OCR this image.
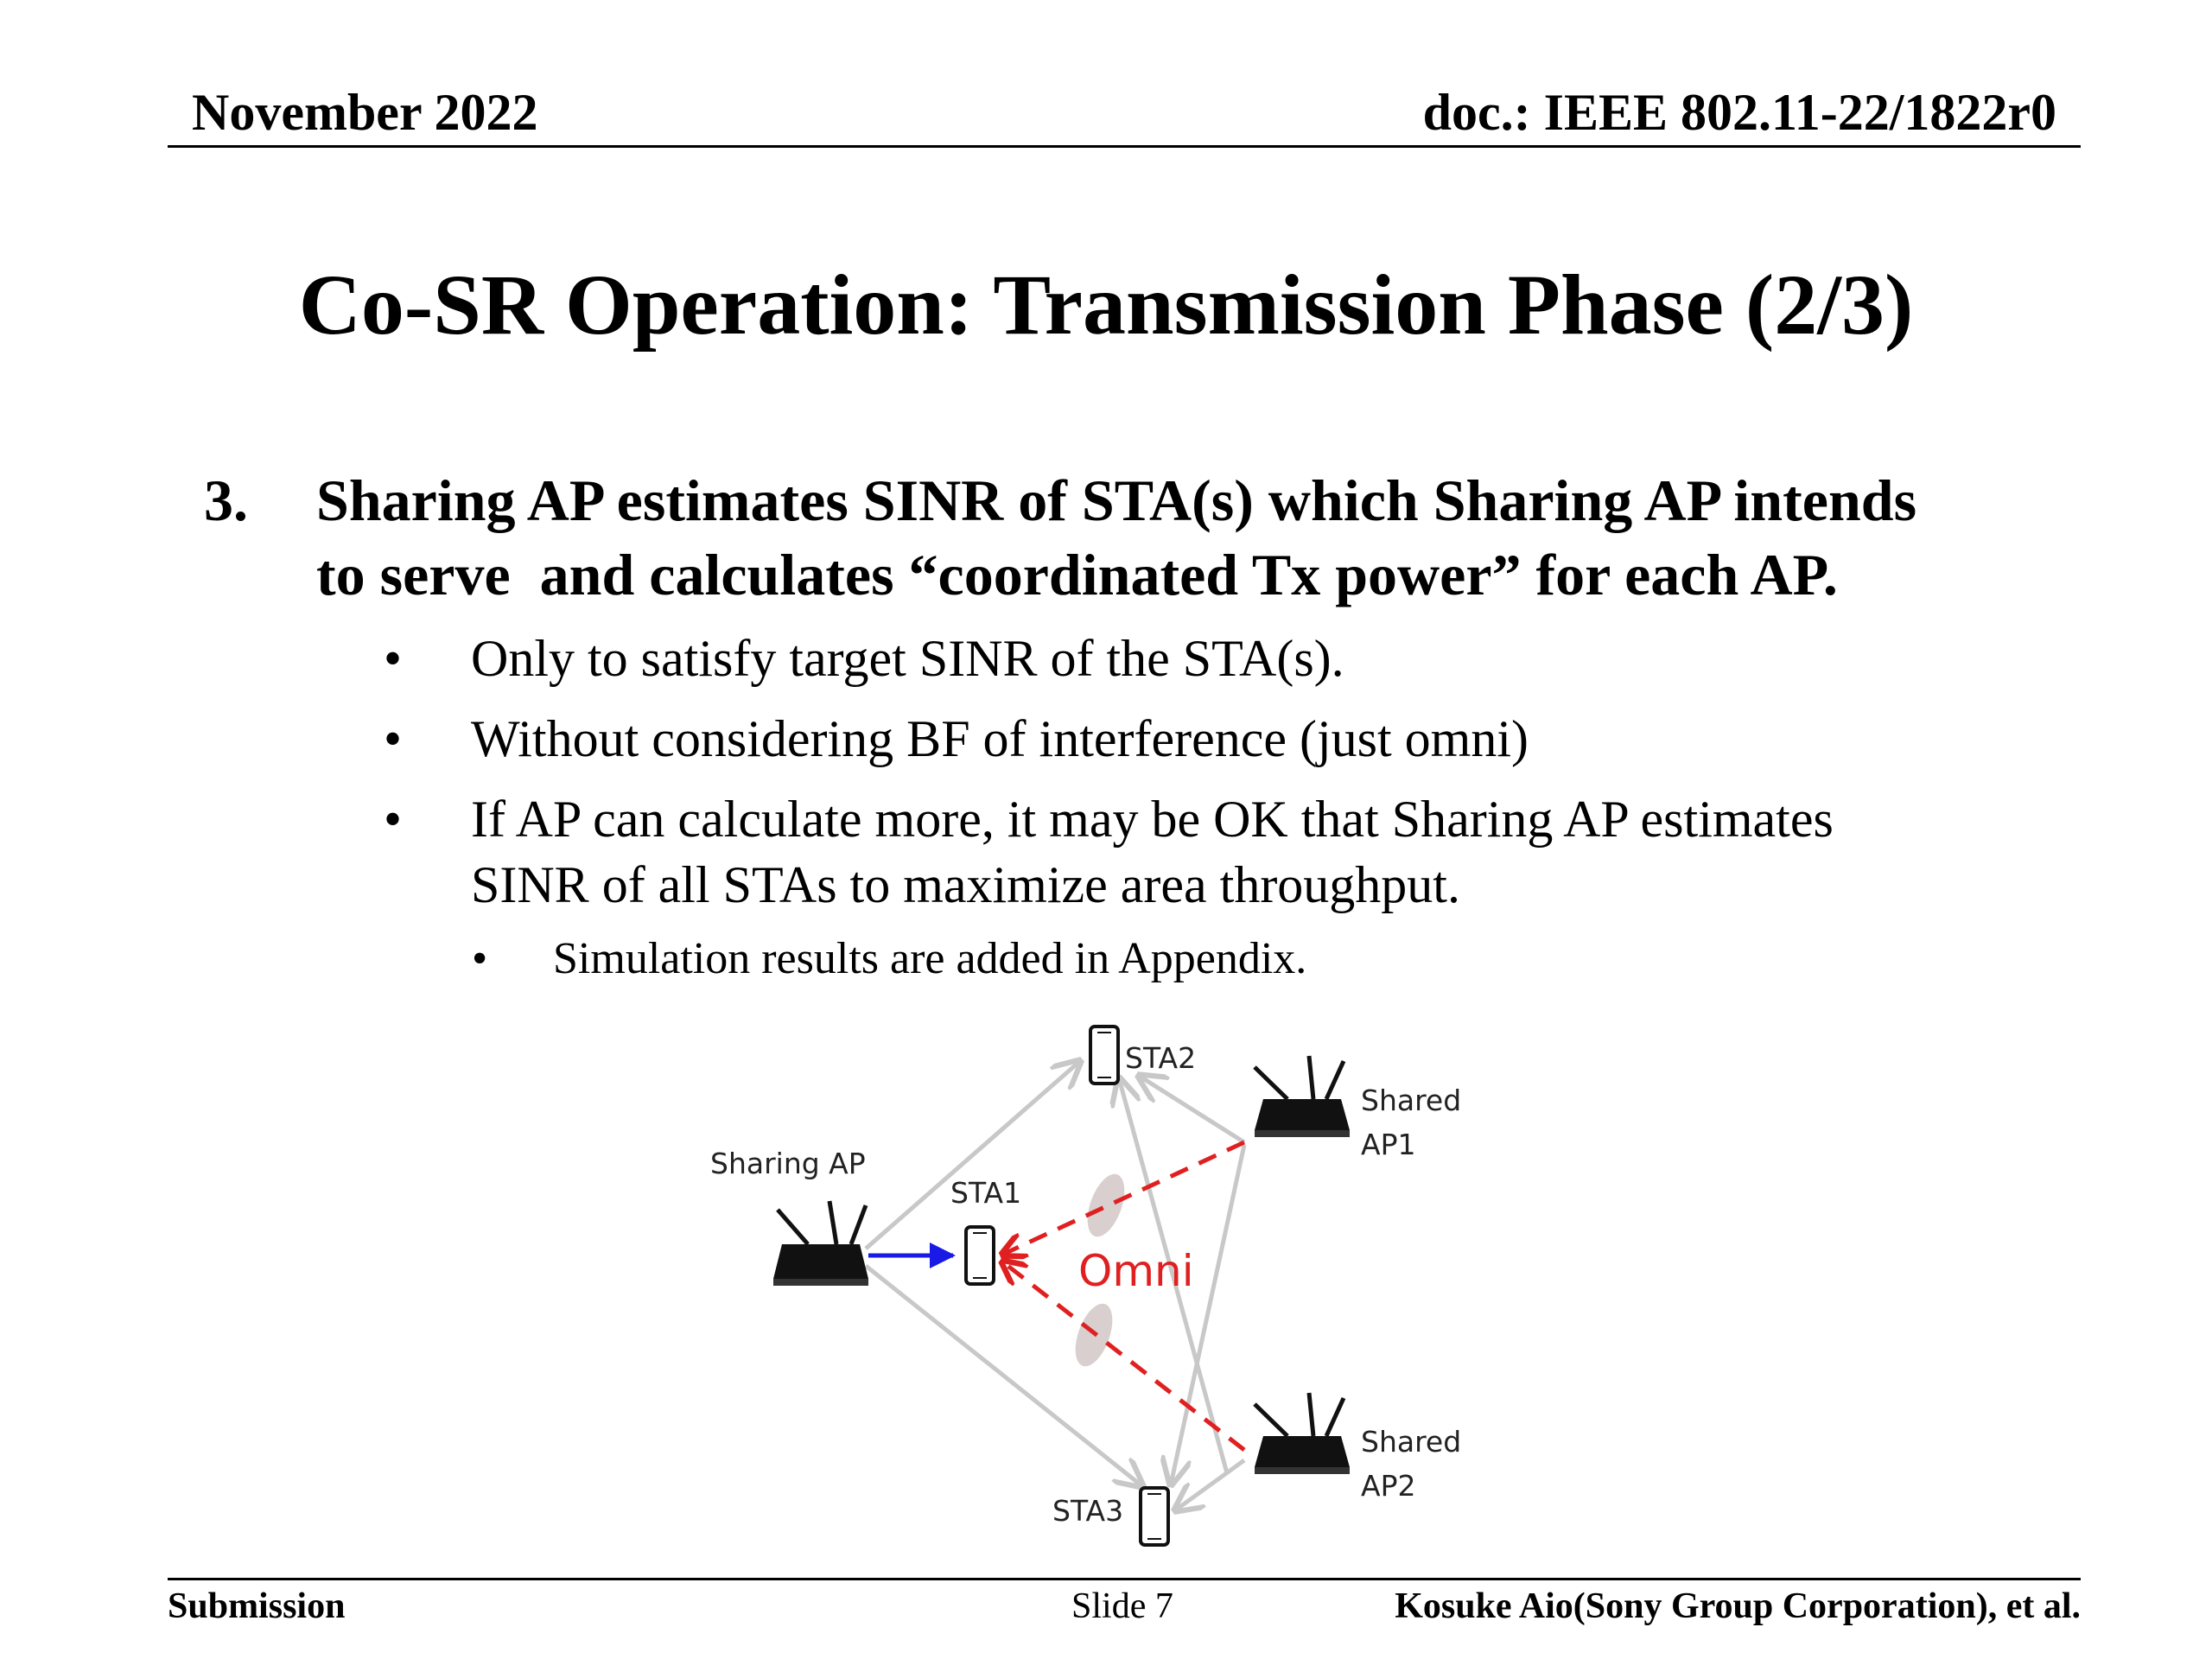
November 2022	doc.: IEEE 802.11-22/1822r0
Co-SR Operation: Transmission Phase (2/3)
3. Sharing AP estimates SINR of STA(s) which Sharing AP intends
to serve  and calculates “coordinated Tx power” for each AP.
• Only to satisfy target SINR of the STA(s).
• Without considering BF of interference (just omni)
• If AP can calculate more, it may be OK that Sharing AP estimates
SINR of all STAs to maximize area throughput.
• Simulation results are added in Appendix.
Sharing AP
STA1
STA2
STA3
Shared
AP1
Shared
AP2
Omni
Submission	Slide 7	Kosuke Aio(Sony Group Corporation), et al.
